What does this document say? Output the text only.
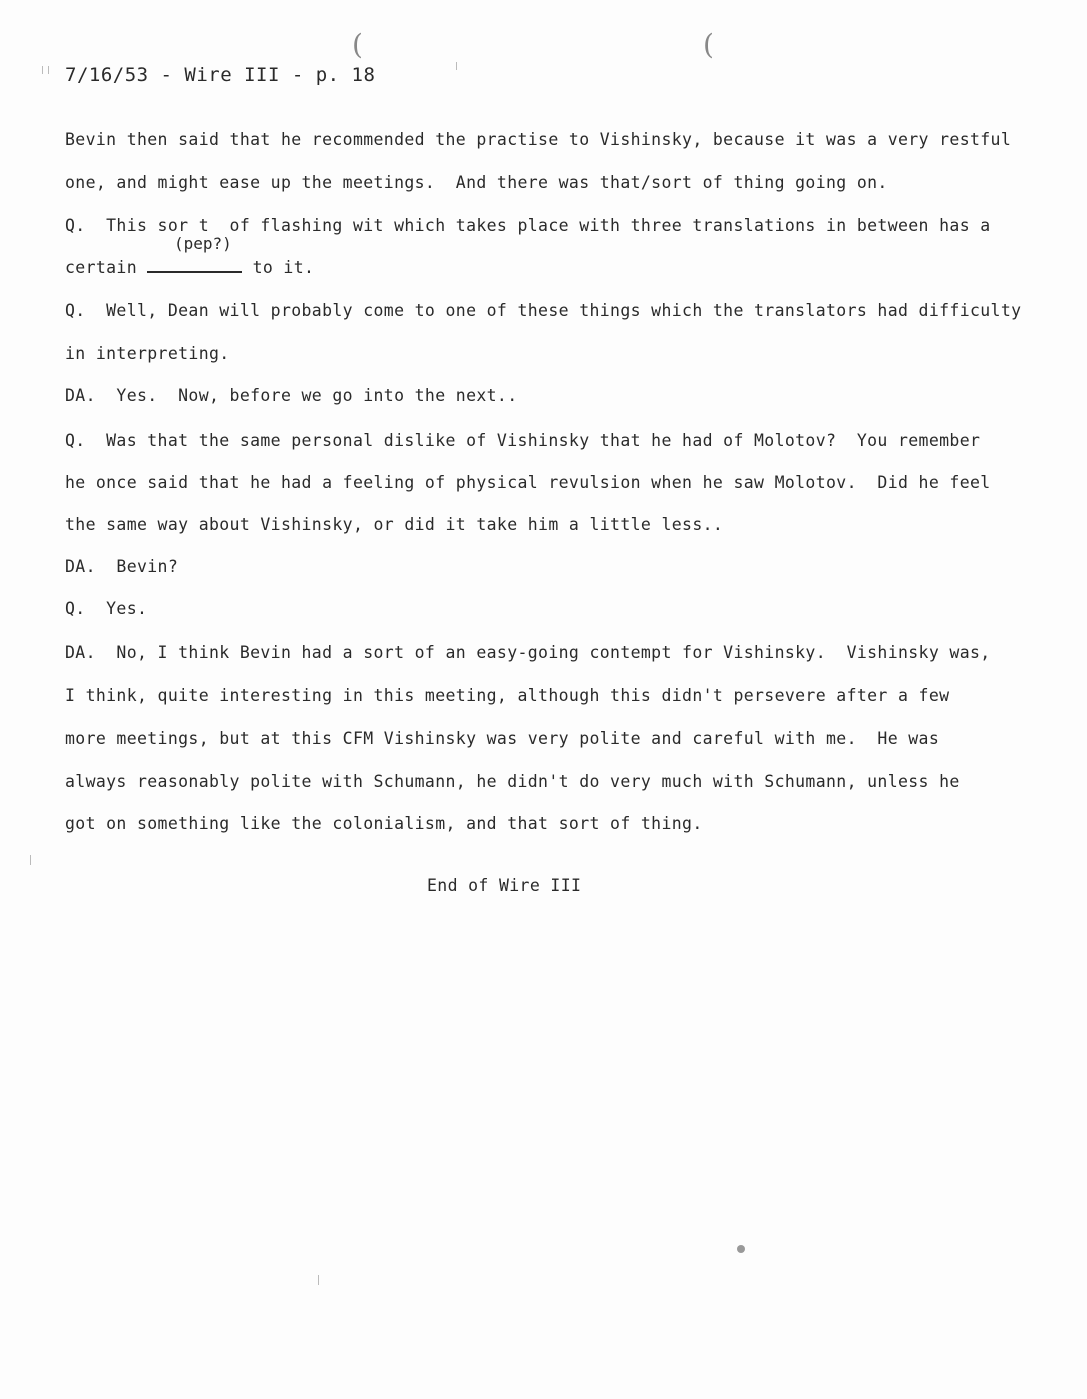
(	(
7/16/53 - Wire III - p. 18
Bevin then said that he recommended the practise to Vishinsky, because it was a very restful
one, and might ease up the meetings.  And there was that/sort of thing going on.
Q.  This sor t  of flashing wit which takes place with three translations in between has a
(pep?)
certain	to it.
Q.  Well, Dean will probably come to one of these things which the translators had difficulty
in interpreting.
DA.  Yes.  Now, before we go into the next..
Q.  Was that the same personal dislike of Vishinsky that he had of Molotov?  You remember
he once said that he had a feeling of physical revulsion when he saw Molotov.  Did he feel
the same way about Vishinsky, or did it take him a little less..
DA.  Bevin?
Q.  Yes.
DA.  No, I think Bevin had a sort of an easy-going contempt for Vishinsky.  Vishinsky was,
I think, quite interesting in this meeting, although this didn't persevere after a few
more meetings, but at this CFM Vishinsky was very polite and careful with me.  He was
always reasonably polite with Schumann, he didn't do very much with Schumann, unless he
got on something like the colonialism, and that sort of thing.
End of Wire III
